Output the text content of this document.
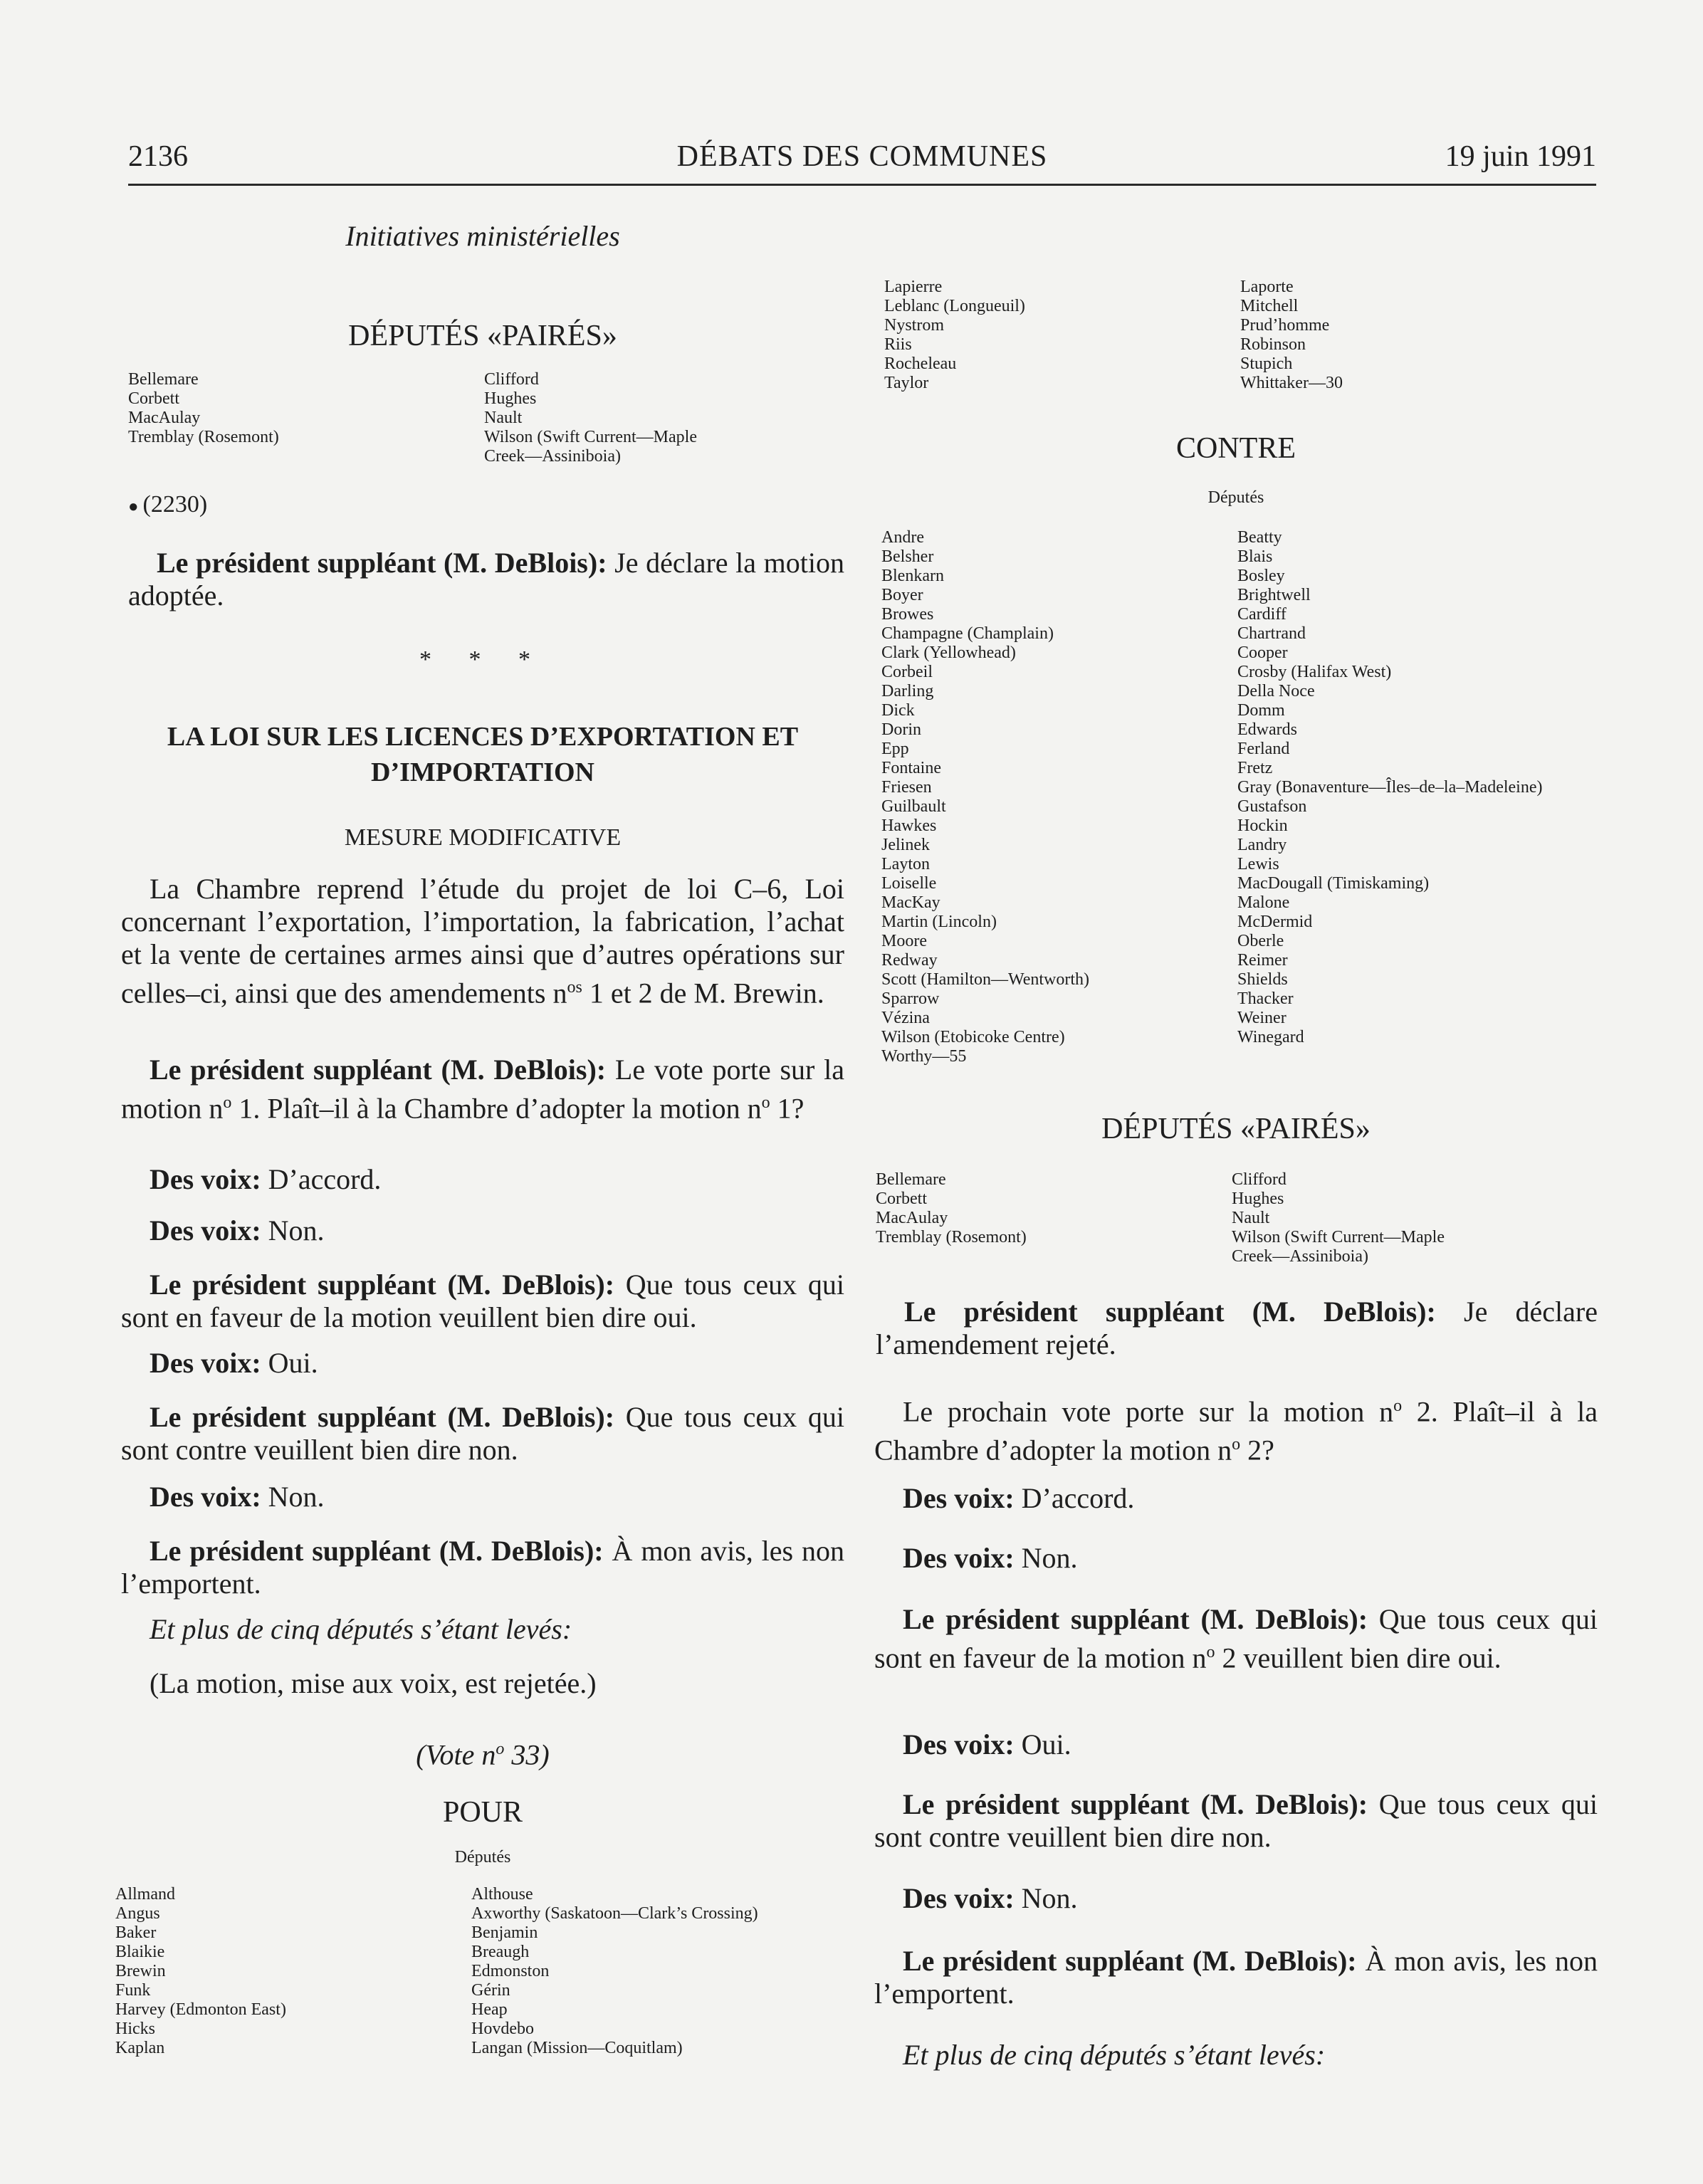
2136	DÉBATS DES COMMUNES	19 juin 1991
Initiatives ministérielles
DÉPUTÉS «PAIRÉS»
Bellemare
Corbett
MacAulay
Tremblay (Rosemont)
Clifford
Hughes
Nault
Wilson (Swift Current—Maple
Creek—Assiniboia)
● (2230)
Le président suppléant (M. DeBlois): Je déclare la motion adoptée.
* * *
LA LOI SUR LES LICENCES D’EXPORTATION ET
D’IMPORTATION
MESURE MODIFICATIVE
La Chambre reprend l’étude du projet de loi C–6, Loi concernant l’exportation, l’importation, la fabrication, l’achat et la vente de certaines armes ainsi que d’autres opérations sur celles–ci, ainsi que des amendements $n^{os}$ 1 et 2 de M. Brewin.
Le président suppléant (M. DeBlois): Le vote porte sur la motion $n^o$ 1. Plaît–il à la Chambre d’adopter la motion $n^o$ 1?
Des voix: D’accord.
Des voix: Non.
Le président suppléant (M. DeBlois): Que tous ceux qui sont en faveur de la motion veuillent bien dire oui.
Des voix: Oui.
Le président suppléant (M. DeBlois): Que tous ceux qui sont contre veuillent bien dire non.
Des voix: Non.
Le président suppléant (M. DeBlois): À mon avis, les non l’emportent.
Et plus de cinq députés s’étant levés:
(La motion, mise aux voix, est rejetée.)
(Vote $n^o$ 33)
POUR
Députés
Allmand
Angus
Baker
Blaikie
Brewin
Funk
Harvey (Edmonton East)
Hicks
Kaplan
Althouse
Axworthy (Saskatoon—Clark’s Crossing)
Benjamin
Breaugh
Edmonston
Gérin
Heap
Hovdebo
Langan (Mission—Coquitlam)
Lapierre
Leblanc (Longueuil)
Nystrom
Riis
Rocheleau
Taylor
Laporte
Mitchell
Prud’homme
Robinson
Stupich
Whittaker—30
CONTRE
Députés
Andre
Belsher
Blenkarn
Boyer
Browes
Champagne (Champlain)
Clark (Yellowhead)
Corbeil
Darling
Dick
Dorin
Epp
Fontaine
Friesen
Guilbault
Hawkes
Jelinek
Layton
Loiselle
MacKay
Martin (Lincoln)
Moore
Redway
Scott (Hamilton—Wentworth)
Sparrow
Vézina
Wilson (Etobicoke Centre)
Worthy—55
Beatty
Blais
Bosley
Brightwell
Cardiff
Chartrand
Cooper
Crosby (Halifax West)
Della Noce
Domm
Edwards
Ferland
Fretz
Gray (Bonaventure—Îles–de–la–Madeleine)
Gustafson
Hockin
Landry
Lewis
MacDougall (Timiskaming)
Malone
McDermid
Oberle
Reimer
Shields
Thacker
Weiner
Winegard
DÉPUTÉS «PAIRÉS»
Bellemare
Corbett
MacAulay
Tremblay (Rosemont)
Clifford
Hughes
Nault
Wilson (Swift Current—Maple
Creek—Assiniboia)
Le président suppléant (M. DeBlois): Je déclare l’amendement rejeté.
Le prochain vote porte sur la motion $n^o$ 2. Plaît–il à la Chambre d’adopter la motion $n^o$ 2?
Des voix: D’accord.
Des voix: Non.
Le président suppléant (M. DeBlois): Que tous ceux qui sont en faveur de la motion $n^o$ 2 veuillent bien dire oui.
Des voix: Oui.
Le président suppléant (M. DeBlois): Que tous ceux qui sont contre veuillent bien dire non.
Des voix: Non.
Le président suppléant (M. DeBlois): À mon avis, les non l’emportent.
Et plus de cinq députés s’étant levés:
